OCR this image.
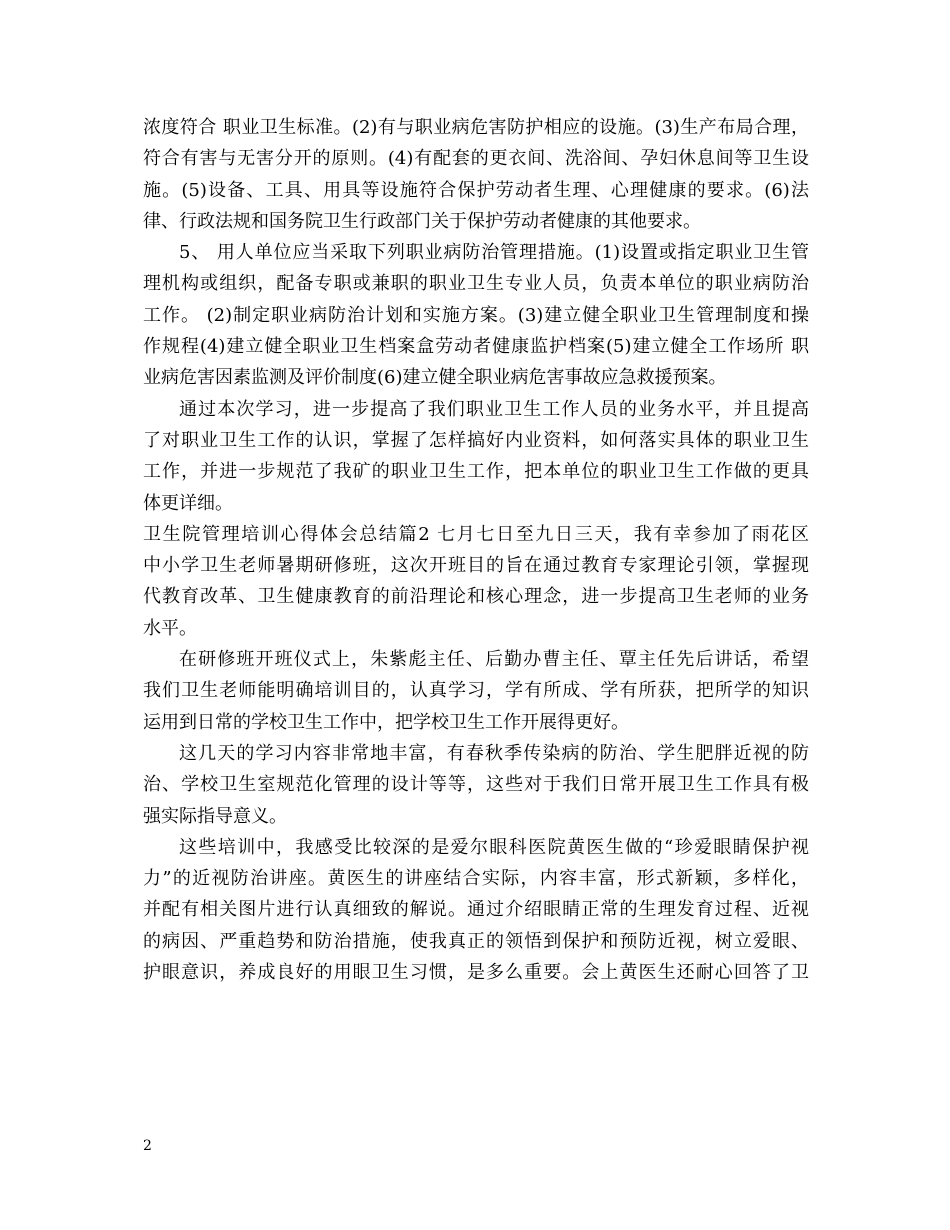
浓度符合 职业卫生标准。(2)有与职业病危害防护相应的设施。(3)生产布局合理，
符合有害与无害分开的原则。(4)有配套的更衣间、洗浴间、孕妇休息间等卫生设
施。(5)设备、工具、用具等设施符合保护劳动者生理、心理健康的要求。(6)法
律、行政法规和国务院卫生行政部门关于保护劳动者健康的其他要求。
5、 用人单位应当采取下列职业病防治管理措施。(1)设置或指定职业卫生管
理机构或组织，配备专职或兼职的职业卫生专业人员，负责本单位的职业病防治
工作。 (2)制定职业病防治计划和实施方案。(3)建立健全职业卫生管理制度和操
作规程(4)建立健全职业卫生档案盒劳动者健康监护档案(5)建立健全工作场所 职
业病危害因素监测及评价制度(6)建立健全职业病危害事故应急救援预案。
通过本次学习，进一步提高了我们职业卫生工作人员的业务水平，并且提高
了对职业卫生工作的认识，掌握了怎样搞好内业资料，如何落实具体的职业卫生
工作，并进一步规范了我矿的职业卫生工作，把本单位的职业卫生工作做的更具
体更详细。
卫生院管理培训心得体会总结篇2 七月七日至九日三天，我有幸参加了雨花区
中小学卫生老师暑期研修班，这次开班目的旨在通过教育专家理论引领，掌握现
代教育改革、卫生健康教育的前沿理论和核心理念，进一步提高卫生老师的业务
水平。
在研修班开班仪式上，朱紫彪主任、后勤办曹主任、覃主任先后讲话，希望
我们卫生老师能明确培训目的，认真学习，学有所成、学有所获，把所学的知识
运用到日常的学校卫生工作中，把学校卫生工作开展得更好。
这几天的学习内容非常地丰富，有春秋季传染病的防治、学生肥胖近视的防
治、学校卫生室规范化管理的设计等等，这些对于我们日常开展卫生工作具有极
强实际指导意义。
这些培训中，我感受比较深的是爱尔眼科医院黄医生做的“珍爱眼睛保护视
力”的近视防治讲座。黄医生的讲座结合实际，内容丰富，形式新颖，多样化，
并配有相关图片进行认真细致的解说。通过介绍眼睛正常的生理发育过程、近视
的病因、严重趋势和防治措施，使我真正的领悟到保护和预防近视，树立爱眼、
护眼意识，养成良好的用眼卫生习惯，是多么重要。会上黄医生还耐心回答了卫
2
